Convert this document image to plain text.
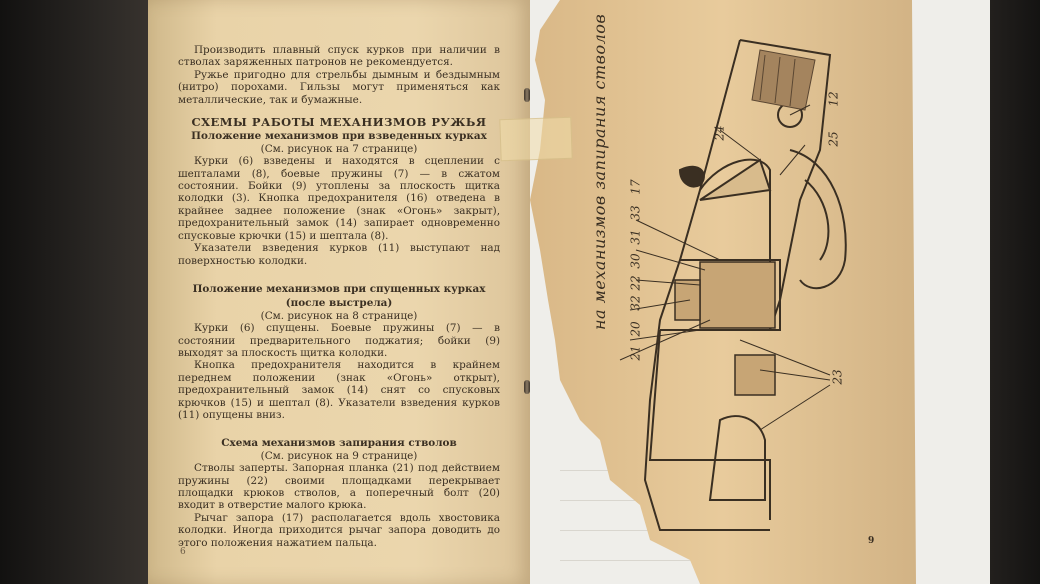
Производить плавный спуск курков при наличии в стволах заряженных патронов не рекомендуется.

Ружье пригодно для стрельбы дымным и бездымным (нитро) порохами. Гильзы могут применяться как металлические, так и бумажные.

СХЕМЫ РАБОТЫ МЕХАНИЗМОВ РУЖЬЯ

Положение механизмов при взведенных курках

(См. рисунок на 7 странице)

Курки (6) взведены и находятся в сцеплении с шепталами (8), боевые пружины (7) — в сжатом состоянии. Бойки (9) утоплены за плоскость щитка колодки (3). Кнопка предохранителя (16) отведена в крайнее заднее положение (знак «Огонь» закрыт), предохранительный замок (14) запирает одновременно спусковые крючки (15) и шептала (8).

Указатели взведения курков (11) выступают над поверхностью колодки.

Положение механизмов при спущенных курках

(после выстрела)

(См. рисунок на 8 странице)

Курки (6) спущены. Боевые пружины (7) — в состоянии предварительного поджатия; бойки (9) выходят за плоскость щитка колодки.

Кнопка предохранителя находится в крайнем переднем положении (знак «Огонь» открыт), предохранительный замок (14) снят со спусковых крючков (15) и шептал (8). Указатели взведения курков (11) опущены вниз.

Схема механизмов запирания стволов

(См. рисунок на 9 странице)

Стволы заперты. Запорная планка (21) под действием пружины (22) своими площадками перекрывает площадки крюков стволов, а поперечный болт (20) входит в отверстие малого крюка.

Рычаг запора (17) располагается вдоль хвостовика колодки. Иногда приходится рычаг запора доводить до этого положения нажатием пальца.

6
9
на механизмов запирания стволов	24
12
25
17
33
31
30
32
22
20
21
23
